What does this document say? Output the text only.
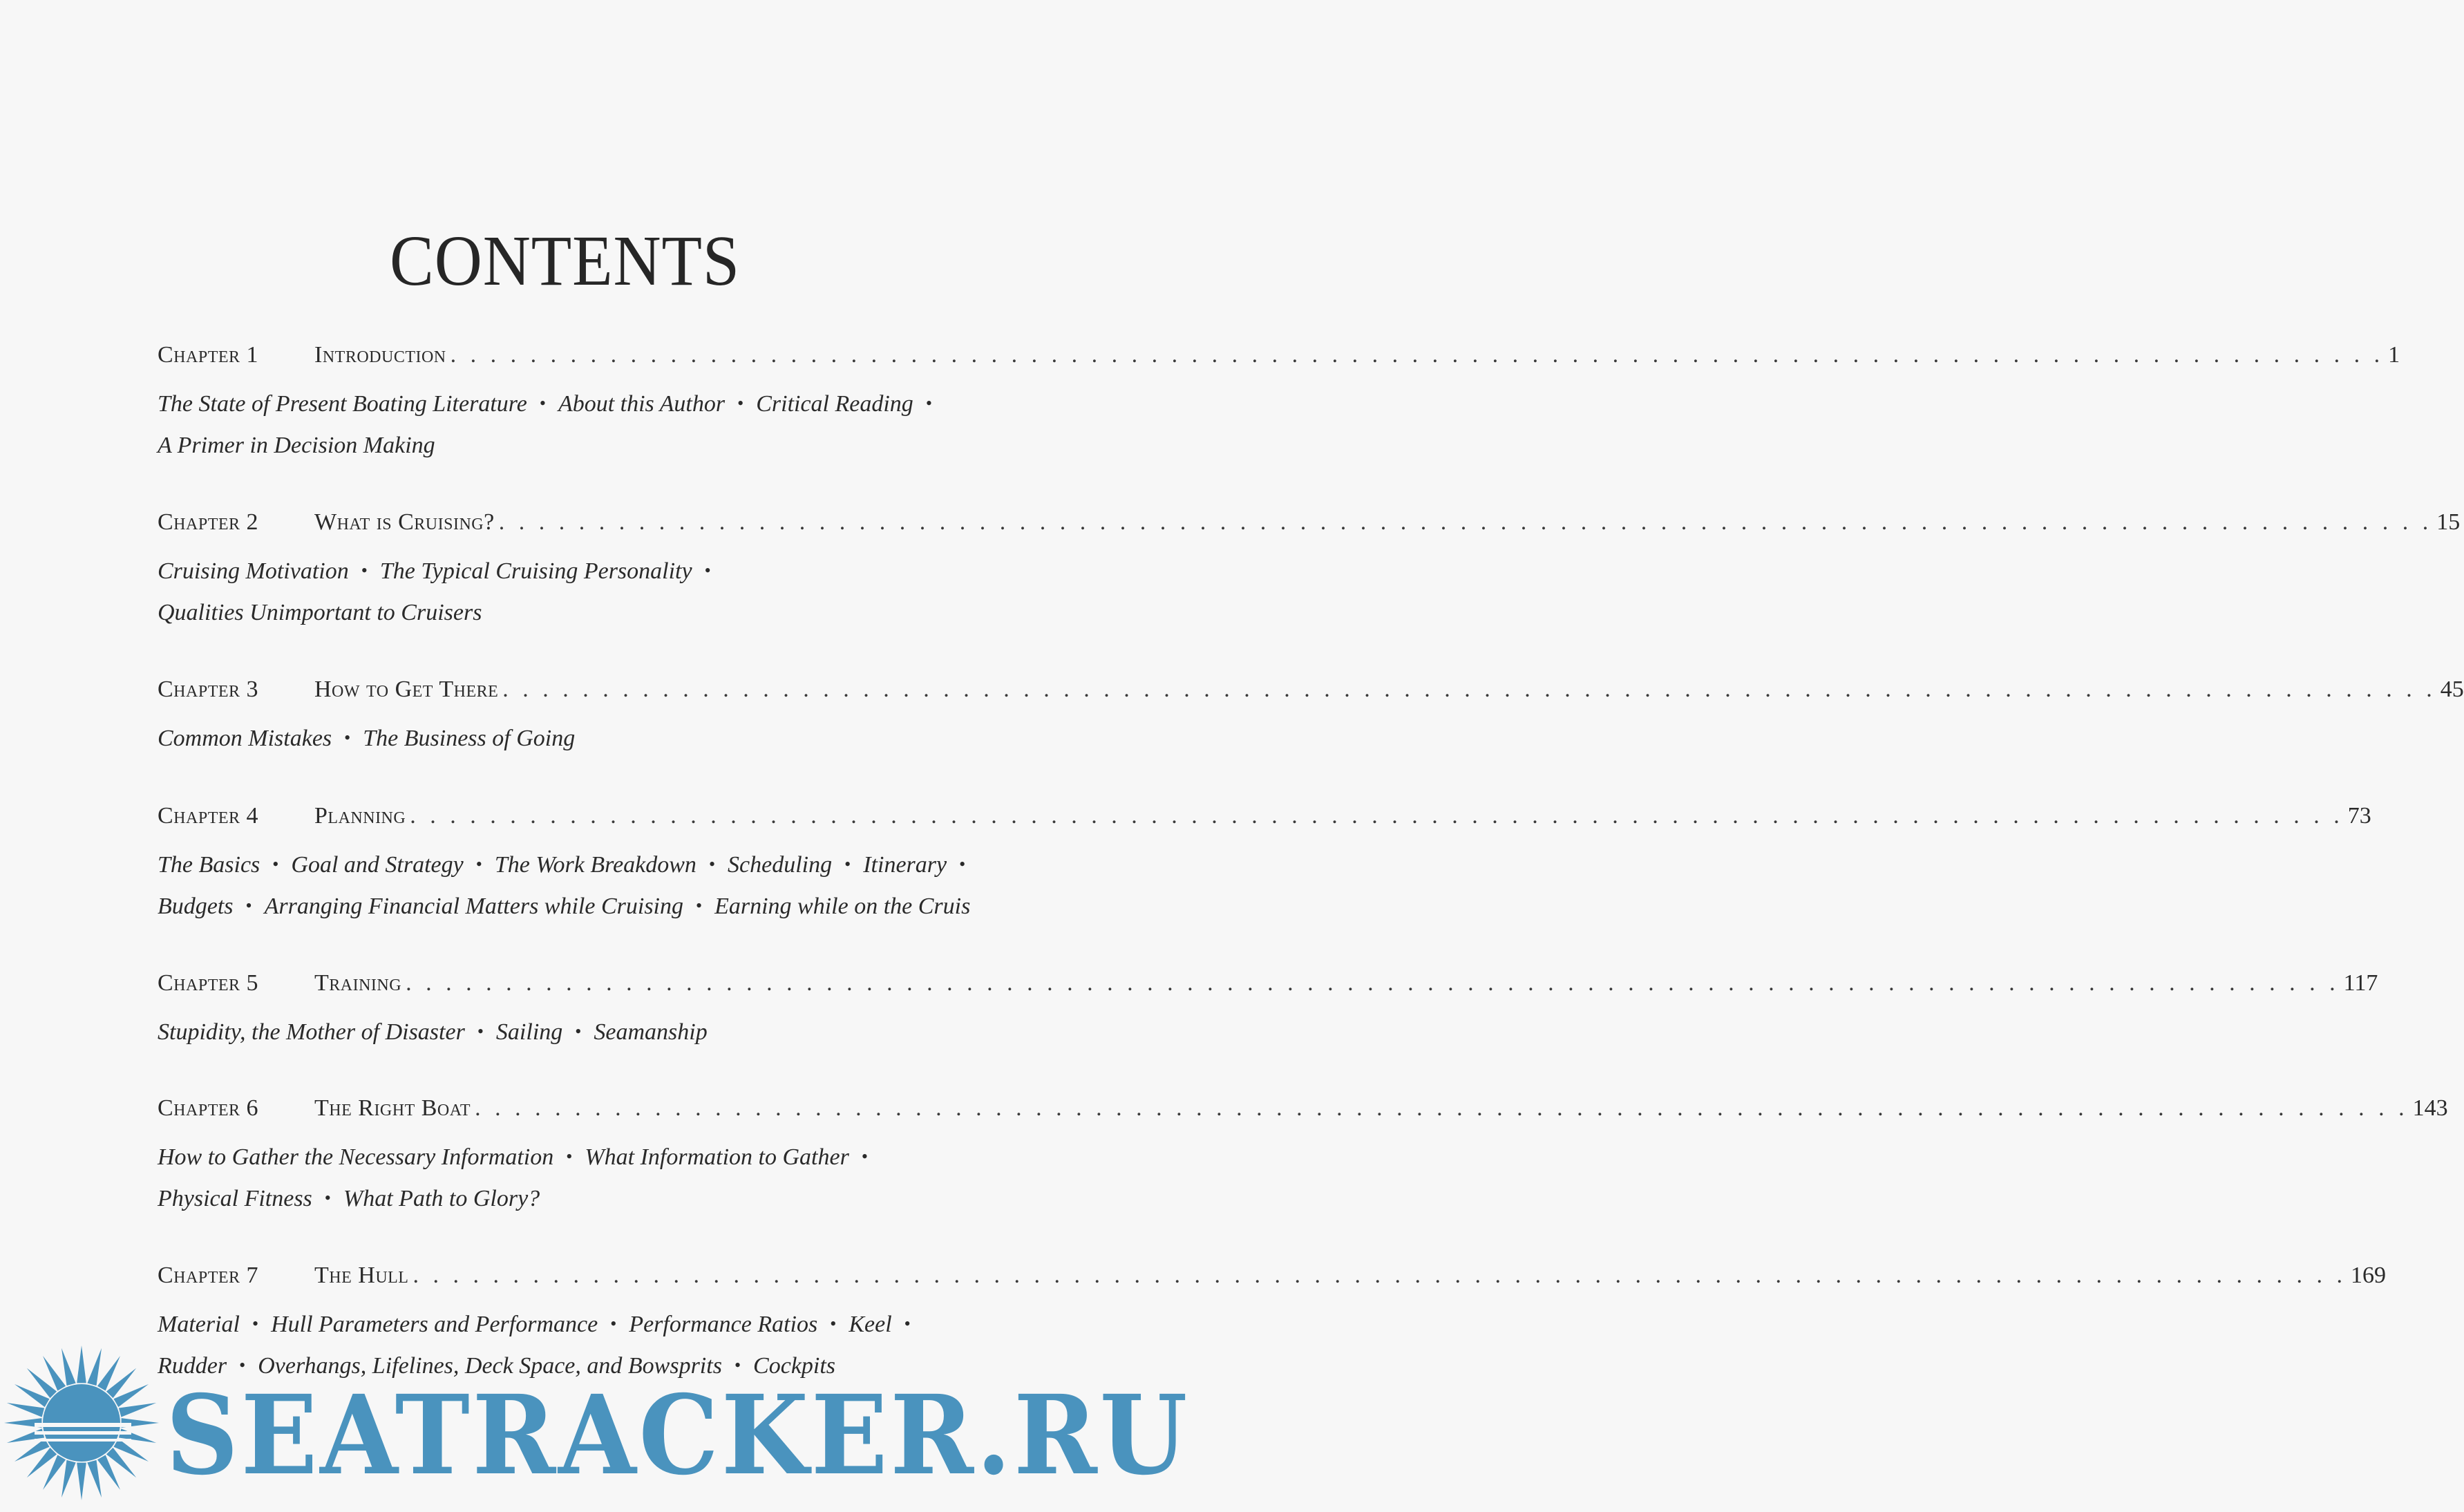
CONTENTS
Chapter 1	Introduction . . .	1
The State of Present Boating Literature • About this Author • Critical Reading •
A Primer in Decision Making
Chapter 2	What is Cruising? . . .	15
Cruising Motivation • The Typical Cruising Personality •
Qualities Unimportant to Cruisers
Chapter 3	How to Get There . . .	45
Common Mistakes • The Business of Going
Chapter 4	Planning . . .	73
The Basics • Goal and Strategy • The Work Breakdown • Scheduling • Itinerary •
Budgets • Arranging Financial Matters while Cruising • Earning while on the Cruis
Chapter 5	Training . . .	117
Stupidity, the Mother of Disaster • Sailing • Seamanship
Chapter 6	The Right Boat . . .	143
How to Gather the Necessary Information • What Information to Gather •
Physical Fitness • What Path to Glory?
Chapter 7	The Hull . . .	169
Material • Hull Parameters and Performance • Performance Ratios • Keel •
Rudder • Overhangs, Lifelines, Deck Space, and Bowsprits • Cockpits
SEATRACKER.RU
